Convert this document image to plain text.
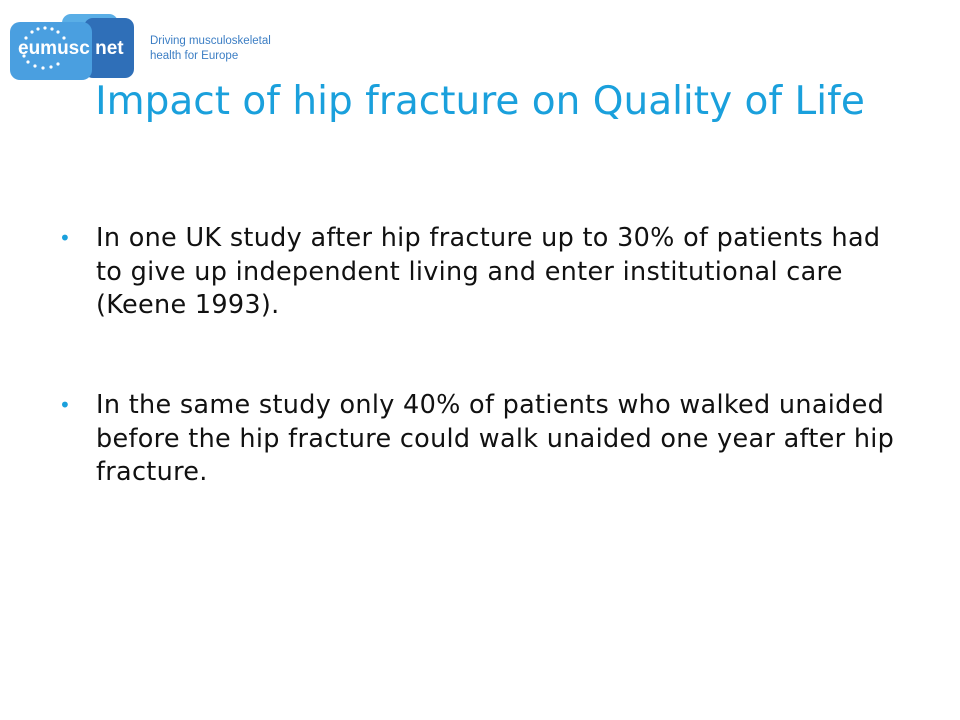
eumusc net Driving musculoskeletal
health for Europe
Impact of hip fracture on Quality of Life
• In one UK study after hip fracture up to 30% of patients had to give up independent living and enter institutional care (Keene 1993).
• In the same study only 40% of patients who walked unaided before the hip fracture could walk unaided one year after hip fracture.
